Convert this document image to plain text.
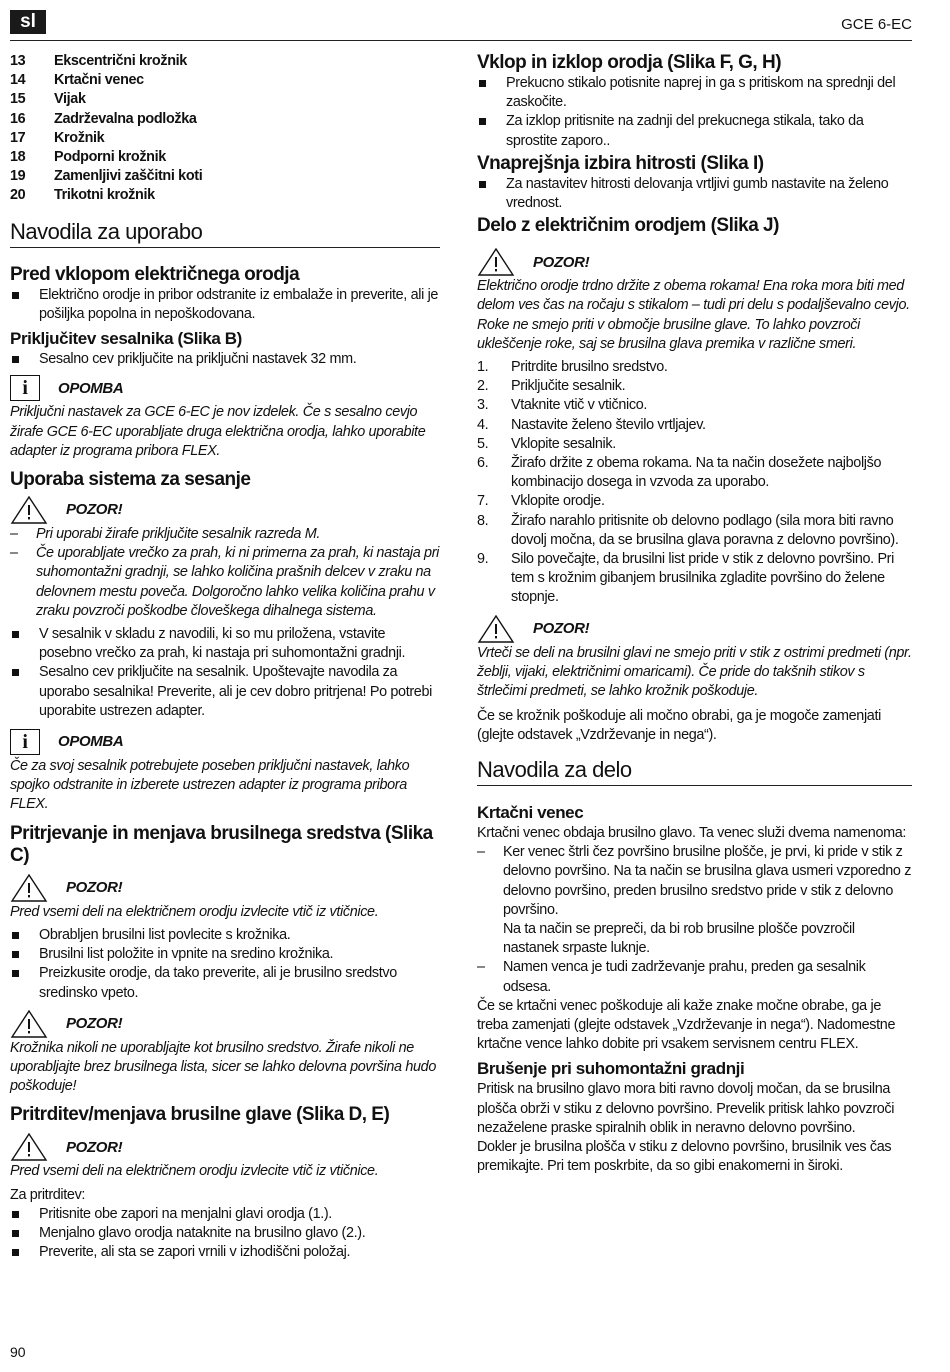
sl	GCE 6-EC
13	Ekscentrični krožnik
14	Krtačni venec
15	Vijak
16	Zadrževalna podložka
17	Krožnik
18	Podporni krožnik
19	Zamenljivi zaščitni koti
20	Trikotni krožnik
Navodila za uporabo
Pred vklopom električnega orodja
Električno orodje in pribor odstranite iz embalaže in preverite, ali je pošiljka popolna in nepoškodovana.
Priključitev sesalnika (Slika B)
Sesalno cev priključite na priključni nastavek 32 mm.
i	OPOMBA
Priključni nastavek za GCE 6-EC je nov izdelek. Če s sesalno cevjo žirafe GCE 6-EC uporabljate druga električna orodja, lahko uporabite adapter iz programa pribora FLEX.
Uporaba sistema za sesanje
POZOR!
–	Pri uporabi žirafe priključite sesalnik razreda M.
–	Če uporabljate vrečko za prah, ki ni primerna za prah, ki nastaja pri suhomontažni gradnji, se lahko količina prašnih delcev v zraku na delovnem mestu poveča. Dolgoročno lahko velika količina prahu v zraku povzroči poškodbe človeškega dihalnega sistema.
V sesalnik v skladu z navodili, ki so mu priložena, vstavite posebno vrečko za prah, ki nastaja pri suhomontažni gradnji.
Sesalno cev priključite na sesalnik. Upoštevajte navodila za uporabo sesalnika! Preverite, ali je cev dobro pritrjena! Po potrebi uporabite ustrezen adapter.
i	OPOMBA
Če za svoj sesalnik potrebujete poseben priključni nastavek, lahko spojko odstranite in izberete ustrezen adapter iz programa pribora FLEX.
Pritrjevanje in menjava brusilnega sredstva (Slika C)
POZOR!
Pred vsemi deli na električnem orodju izvlecite vtič iz vtičnice.
Obrabljen brusilni list povlecite s krožnika.
Brusilni list položite in vpnite na sredino krožnika.
Preizkusite orodje, da tako preverite, ali je brusilno sredstvo sredinsko vpeto.
POZOR!
Krožnika nikoli ne uporabljajte kot brusilno sredstvo. Žirafe nikoli ne uporabljajte brez brusilnega lista, sicer se lahko delovna površina hudo poškoduje!
Pritrditev/menjava brusilne glave (Slika D, E)
POZOR!
Pred vsemi deli na električnem orodju izvlecite vtič iz vtičnice.
Za pritrditev:
Pritisnite obe zapori na menjalni glavi orodja (1.).
Menjalno glavo orodja nataknite na brusilno glavo (2.).
Preverite, ali sta se zapori vrnili v izhodiščni položaj.
Vklop in izklop orodja (Slika F, G, H)
Prekucno stikalo potisnite naprej in ga s pritiskom na sprednji del zaskočite.
Za izklop pritisnite na zadnji del prekucnega stikala, tako da sprostite zaporo..
Vnaprejšnja izbira hitrosti (Slika I)
Za nastavitev hitrosti delovanja vrtljivi gumb nastavite na želeno vrednost.
Delo z električnim orodjem (Slika J)
POZOR!
Električno orodje trdno držite z obema rokama! Ena roka mora biti med delom ves čas na ročaju s stikalom – tudi pri delu s podaljševalno cevjo. Roke ne smejo priti v območje brusilne glave. To lahko povzroči ukleščenje roke, saj se brusilna glava premika v različne smeri.
1.	Pritrdite brusilno sredstvo.
2.	Priključite sesalnik.
3.	Vtaknite vtič v vtičnico.
4.	Nastavite želeno število vrtljajev.
5.	Vklopite sesalnik.
6.	Žirafo držite z obema rokama. Na ta način dosežete najboljšo kombinacijo dosega in vzvoda za uporabo.
7.	Vklopite orodje.
8.	Žirafo narahlo pritisnite ob delovno podlago (sila mora biti ravno dovolj močna, da se brusilna glava poravna z delovno površino).
9.	Silo povečajte, da brusilni list pride v stik z delovno površino. Pri tem s krožnim gibanjem brusilnika zgladite površino do želene stopnje.
POZOR!
Vrteči se deli na brusilni glavi ne smejo priti v stik z ostrimi predmeti (npr. žeblji, vijaki, električnimi omaricami). Če pride do takšnih stikov s štrlečimi predmeti, se lahko krožnik poškoduje.
Če se krožnik poškoduje ali močno obrabi, ga je mogoče zamenjati (glejte odstavek „Vzdrževanje in nega“).
Navodila za delo
Krtačni venec
Krtačni venec obdaja brusilno glavo. Ta venec služi dvema namenoma:
–	Ker venec štrli čez površino brusilne plošče, je prvi, ki pride v stik z delovno površino. Na ta način se brusilna glava usmeri vzporedno z delovno površino, preden brusilno sredstvo pride v stik z delovno površino.
Na ta način se prepreči, da bi rob brusilne plošče povzročil nastanek srpaste luknje.
–	Namen venca je tudi zadrževanje prahu, preden ga sesalnik odsesa.
Če se krtačni venec poškoduje ali kaže znake močne obrabe, ga je treba zamenjati (glejte odstavek „Vzdrževanje in nega“). Nadomestne krtačne vence lahko dobite pri vsakem servisnem centru FLEX.
Brušenje pri suhomontažni gradnji
Pritisk na brusilno glavo mora biti ravno dovolj močan, da se brusilna plošča obrži v stiku z delovno površino. Prevelik pritisk lahko povzroči nezaželene praske spiralnih oblik in neravno delovno površino.
Dokler je brusilna plošča v stiku z delovno površino, brusilnik ves čas premikajte. Pri tem poskrbite, da so gibi enakomerni in široki.
90
